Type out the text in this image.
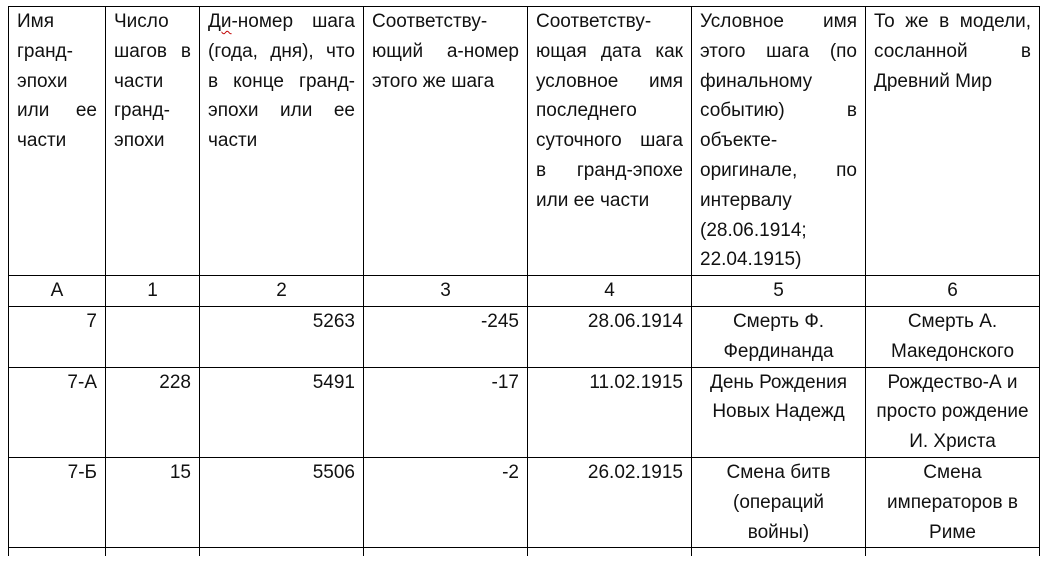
Имя гранд-эпохи или ее части	Число шагов в части гранд-эпохи	Ди-номер шага (года, дня), что в конце гранд-эпохи или ее части	Соответствующий а-номер этого же шага	Соответствующая дата как условное имя последнего суточного шага в гранд-эпохе или ее части	Условное имя этого шага (по финальному событию) в объекте-оригинале, по интервалу (28.06.1914; 22.04.1915)	То же в модели, сосланной в Древний Мир
А	1	2	3	4	5	6
7		5263	-245	28.06.1914	Смерть Ф. Фердинанда	Смерть А. Македонского
7-А	228	5491	-17	11.02.1915	День Рождения Новых Надежд	Рождество-А и просто рождение И. Христа
7-Б	15	5506	-2	26.02.1915	Смена битв (операций войны)	Смена императоров в Риме
